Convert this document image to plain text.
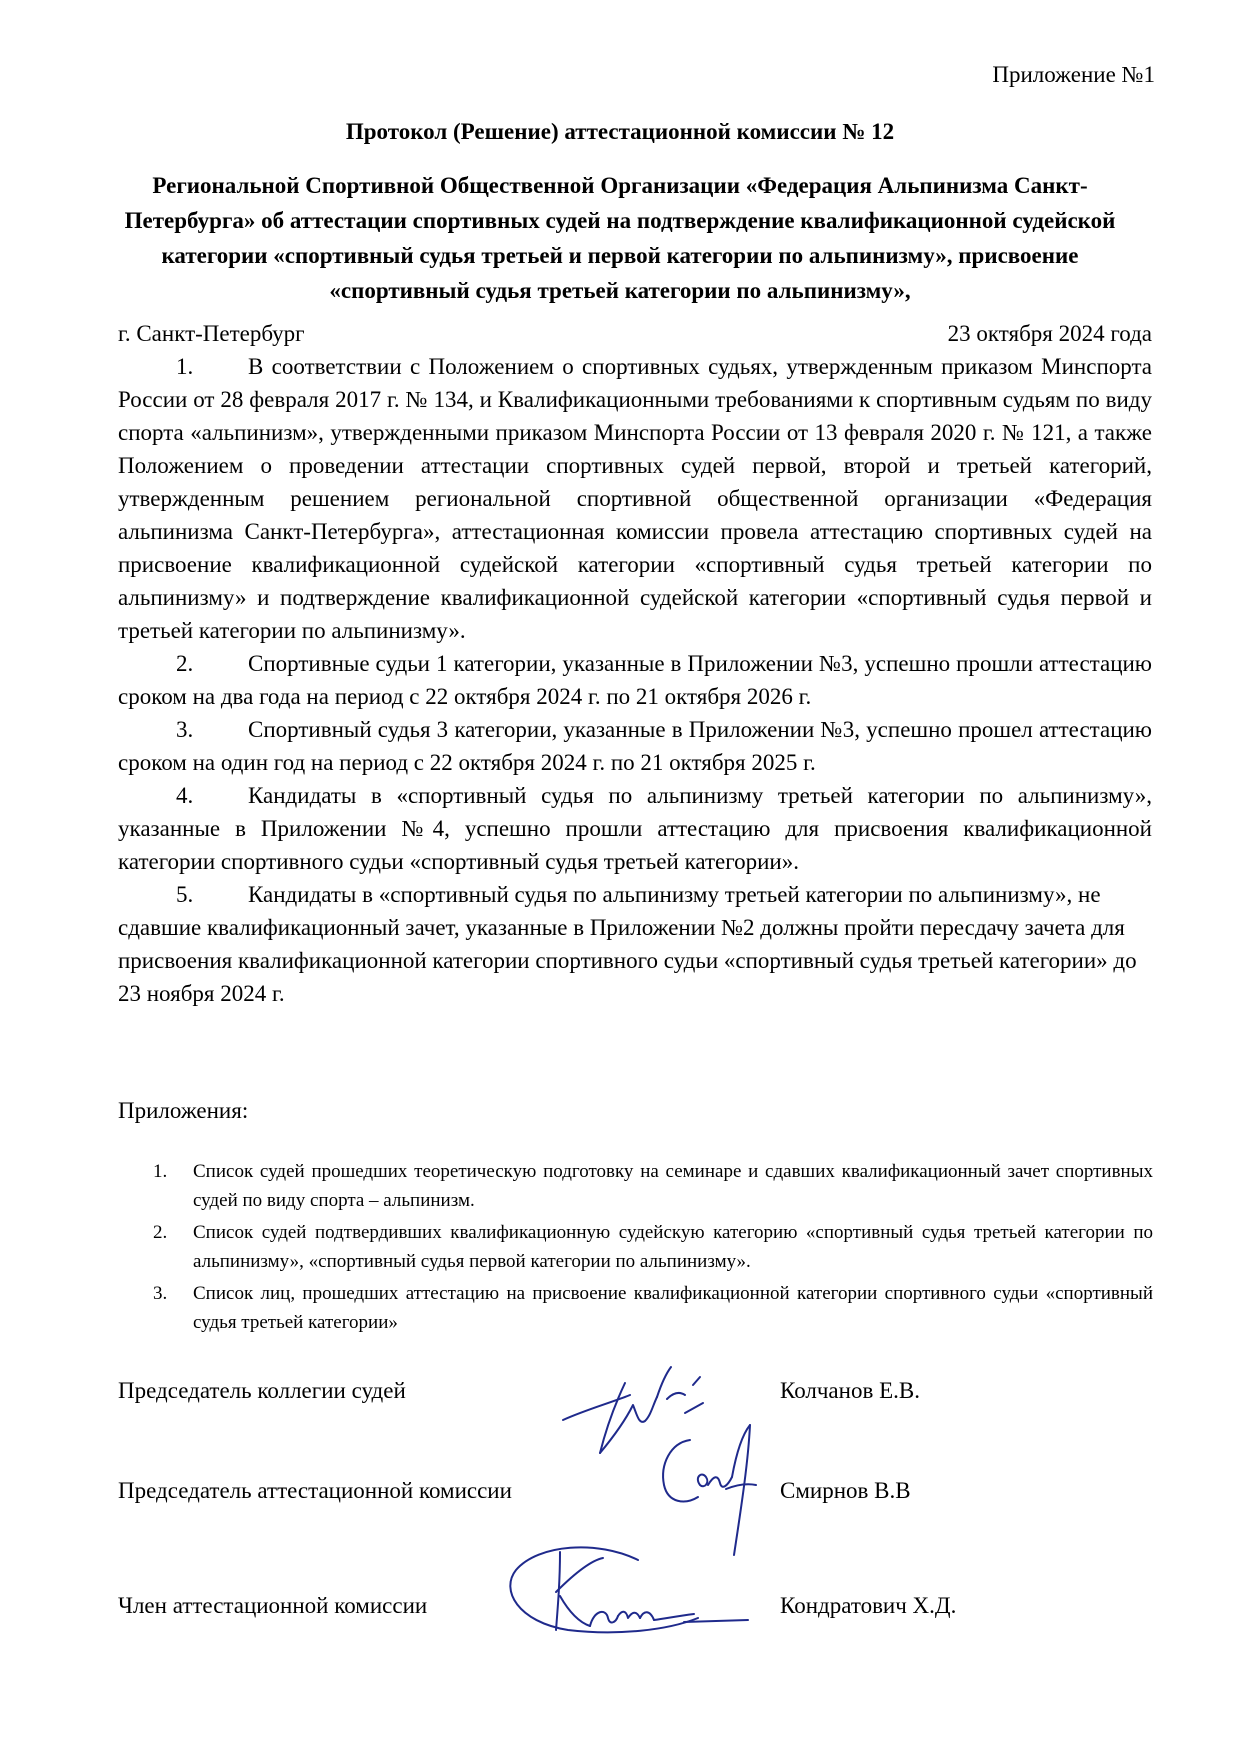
Приложение №1
Протокол (Решение) аттестационной комиссии № 12
Региональной Спортивной Общественной Организации «Федерация Альпинизма Санкт-Петербурга» об аттестации спортивных судей на подтверждение квалификационной судейской категории «спортивный судья третьей и первой категории по альпинизму», присвоение «спортивный судья третьей категории по альпинизму»,
г. Санкт-Петербург	23 октября 2024 года

1. В соответствии с Положением о спортивных судьях, утвержденным приказом Минспорта России от 28 февраля 2017 г. № 134, и Квалификационными требованиями к спортивным судьям по виду спорта «альпинизм», утвержденными приказом Минспорта России от 13 февраля 2020 г. № 121, а также Положением о проведении аттестации спортивных судей первой, второй и третьей категорий, утвержденным решением региональной спортивной общественной организации «Федерация альпинизма Санкт-Петербурга», аттестационная комиссии провела аттестацию спортивных судей на присвоение квалификационной судейской категории «спортивный судья третьей категории по альпинизму» и подтверждение квалификационной судейской категории «спортивный судья первой и третьей категории по альпинизму».

2. Спортивные судьи 1 категории, указанные в Приложении №3, успешно прошли аттестацию сроком на два года на период с 22 октября 2024 г. по 21 октября 2026 г.

3. Спортивный судья 3 категории, указанные в Приложении №3, успешно прошел аттестацию сроком на один год на период с 22 октября 2024 г. по 21 октября 2025 г.

4. Кандидаты в «спортивный судья по альпинизму третьей категории по альпинизму», указанные в Приложении №4, успешно прошли аттестацию для присвоения квалификационной категории спортивного судьи «спортивный судья третьей категории».

5. Кандидаты в «спортивный судья по альпинизму третьей категории по альпинизму», не сдавшие квалификационный зачет, указанные в Приложении №2 должны пройти пересдачу зачета для присвоения квалификационной категории спортивного судьи «спортивный судья третьей категории» до 23 ноября 2024 г.

Приложения:
1.	Список судей прошедших теоретическую подготовку на семинаре и сдавших квалификационный зачет спортивных судей по виду спорта – альпинизм.
2.	Список судей подтвердивших квалификационную судейскую категорию «спортивный судья третьей категории по альпинизму», «спортивный судья первой категории по альпинизму».
3.	Список лиц, прошедших аттестацию на присвоение квалификационной категории спортивного судьи «спортивный судья третьей категории»
Председатель коллегии судей	Колчанов Е.В.
Председатель аттестационной комиссии	Смирнов В.В
Член аттестационной комиссии	Кондратович Х.Д.
